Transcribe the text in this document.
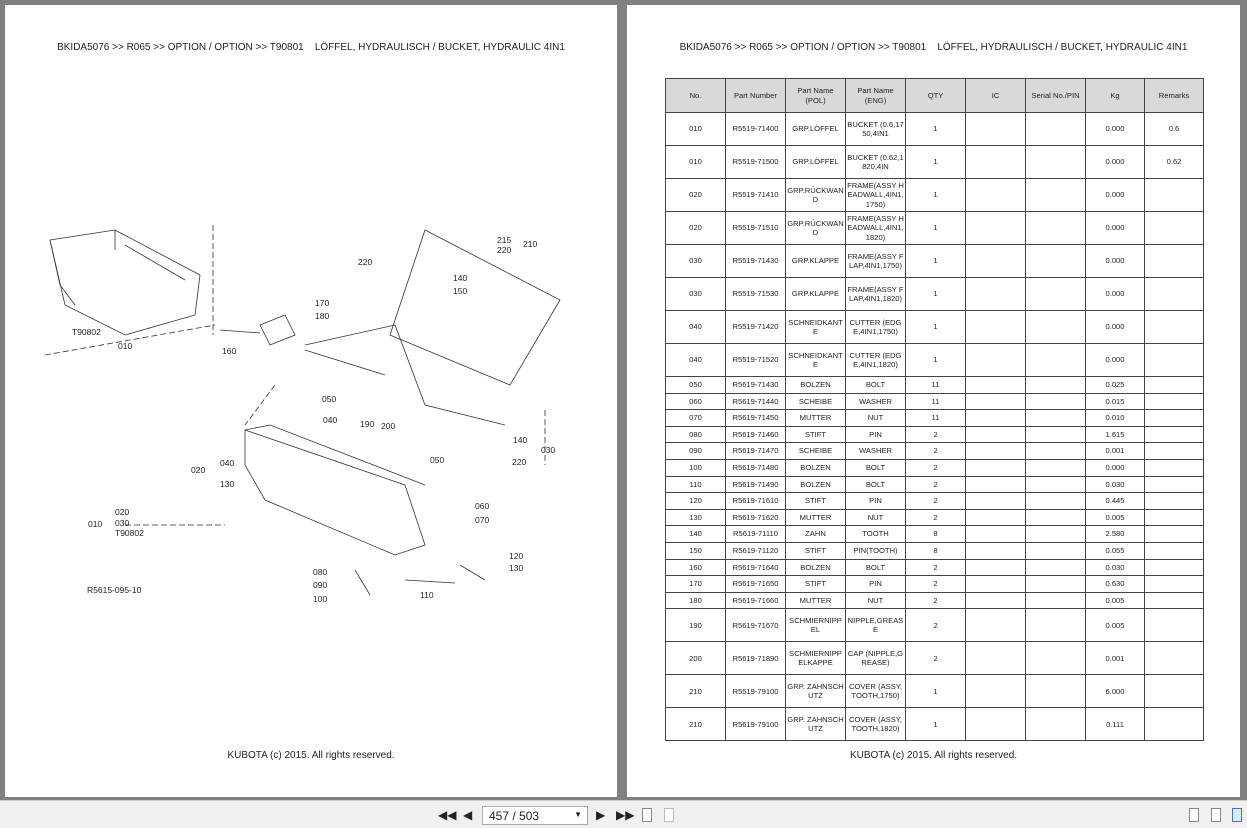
BKIDA5076 >> R065 >> OPTION / OPTION >> T90801    LÖFFEL, HYDRAULISCH / BUCKET, HYDRAULIC 4IN1
215
220
210
220
140
150
170
180
T90802
010	160
050
040	190 200
140
030
220
040
020
130
050
020
010 030
T90802
060
070
120
130
080
090
100	110
R5615-095-10
KUBOTA (c) 2015. All rights reserved.
BKIDA5076 >> R065 >> OPTION / OPTION >> T90801    LÖFFEL, HYDRAULISCH / BUCKET, HYDRAULIC 4IN1
No.	Part Number	Part Name (POL)	Part Name (ENG)	QTY	IC	Serial No./PIN	Kg	Remarks
010	R5519-71400	GRP.LÖFFEL	BUCKET (0.6,1750,4IN1	1			0.000	0.6
010	R5519-71500	GRP.LÖFFEL	BUCKET (0.62,1820,4IN	1			0.000	0.62
020	R5519-71410	GRP.RÜCKWAND	FRAME(ASSY HEADWALL,4IN1,1750)	1			0.000	
020	R5519-71510	GRP.RÜCKWAND	FRAME(ASSY HEADWALL,4IN1,1820)	1			0.000	
030	R5519-71430	GRP.KLAPPE	FRAME(ASSY FLAP,4IN1,1750)	1			0.000	
030	R5519-71530	GRP.KLAPPE	FRAME(ASSY FLAP,4IN1,1820)	1			0.000	
040	R5519-71420	SCHNEIDKANTE	CUTTER (EDGE,4IN1,1750)	1			0.000	
040	R5519-71520	SCHNEIDKANTE	CUTTER (EDGE,4IN1,1820)	1			0.000	
050	R5619-71430	BOLZEN	BOLT	11			0.025	
060	R5619-71440	SCHEIBE	WASHER	11			0.015	
070	R5619-71450	MUTTER	NUT	11			0.010	
080	R5619-71460	STIFT	PIN	2			1.615	
090	R5619-71470	SCHEIBE	WASHER	2			0.001	
100	R5619-71480	BOLZEN	BOLT	2			0.000	
110	R5619-71490	BOLZEN	BOLT	2			0.030	
120	R5619-71610	STIFT	PIN	2			0.445	
130	R5619-71620	MUTTER	NUT	2			0.005	
140	R5619-71110	ZAHN	TOOTH	8			2.580	
150	R5619-71120	STIFT	PIN(TOOTH)	8			0.055	
160	R5619-71640	BOLZEN	BOLT	2			0.030	
170	R5619-71650	STIFT	PIN	2			0.630	
180	R5619-71660	MUTTER	NUT	2			0.005	
190	R5619-71670	SCHMIERNIPPEL	NIPPLE,GREASE	2			0.005	
200	R5619-71890	SCHMIERNIPPELKAPPE	CAP (NIPPLE,GREASE)	2			0.001	
210	R5519-79100	GRP. ZAHNSCHUTZ	COVER (ASSY,TOOTH,1750)	1			6.000	
210	R5619-79100	GRP. ZAHNSCHUTZ	COVER (ASSY,TOOTH,1820)	1			0.111	
KUBOTA (c) 2015. All rights reserved.
◀◀ ◀	457 / 503	▼ ▶ ▶▶
